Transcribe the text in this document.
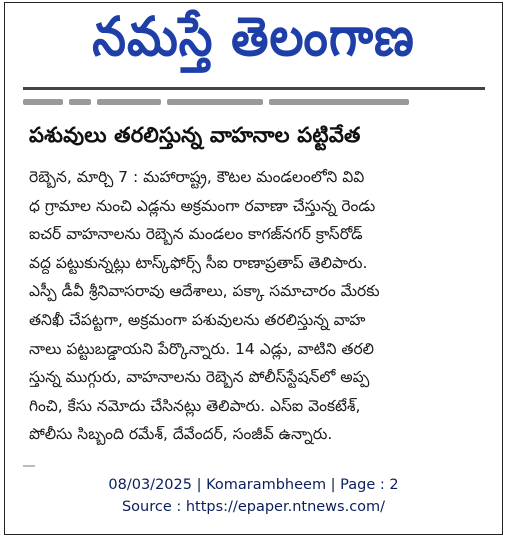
నమస్తే తెలంగాణ
పశువులు తరలిస్తున్న వాహనాల పట్టివేత

రెబ్బెన, మార్చి 7 : మహారాష్ట్ర, కౌటల మండలంలోని వివి
ధ గ్రామాల నుంచి ఎడ్లను అక్రమంగా రవాణా చేస్తున్న రెండు
ఐచర్ వాహనాలను రెబ్బెన మండలం కాగజ్‌నగర్ క్రాస్‌రోడ్
వద్ద పట్టుకున్నట్లు టాస్క్‌ఫోర్స్ సీఐ రాణాప్రతాప్ తెలిపారు.
ఎస్పీ డీవీ శ్రీనివాసరావు ఆదేశాలు, పక్కా సమాచారం మేరకు
తనిఖీ చేపట్టగా, అక్రమంగా పశువులను తరలిస్తున్న వాహ
నాలు పట్టుబడ్డాయని పేర్కొన్నారు. 14 ఎడ్లు, వాటిని తరలి
స్తున్న ముగ్గురు, వాహనాలను రెబ్బెన పోలీస్‌స్టేషన్‌లో అప్ప
గించి, కేసు నమోదు చేసినట్లు తెలిపారు. ఎస్ఐ వెంకటేశ్,
పోలీసు సిబ్బంది రమేశ్, దేవేందర్, సంజీవ్ ఉన్నారు.

08/03/2025 | Komarambheem | Page : 2
Source : https://epaper.ntnews.com/
